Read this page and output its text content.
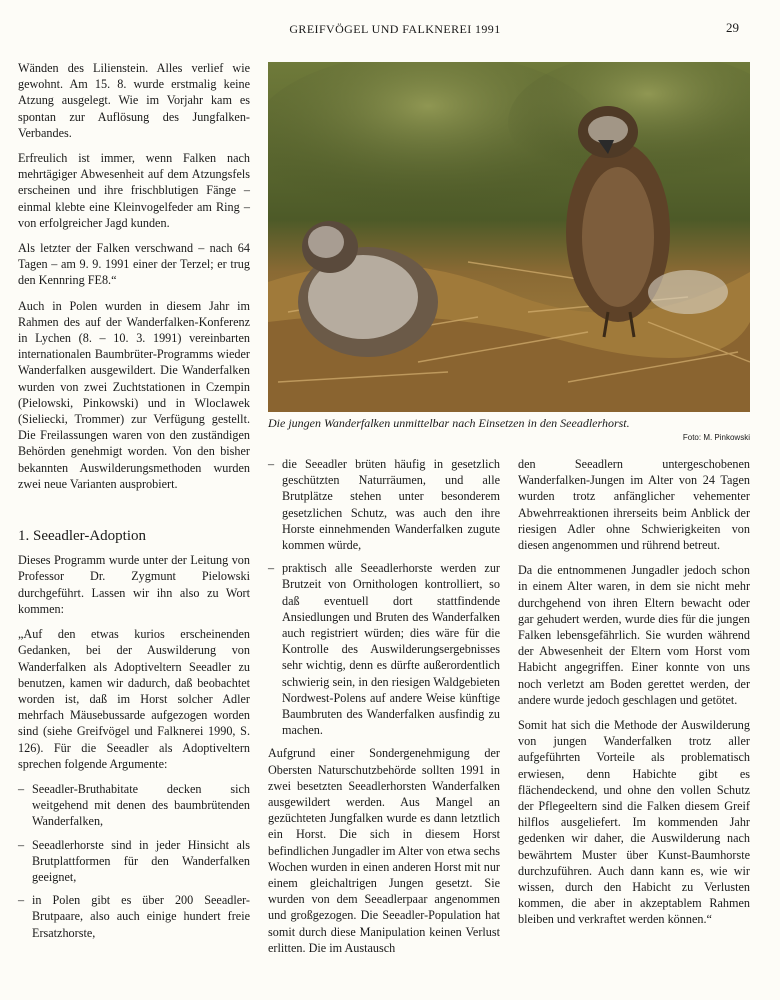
GREIFVÖGEL UND FALKNEREI 1991	29

Wänden des Lilienstein. Alles verlief wie gewohnt. Am 15. 8. wurde erstmalig keine Atzung ausgelegt. Wie im Vorjahr kam es spontan zur Auflösung des Jungfalken-Verbandes.

Erfreulich ist immer, wenn Falken nach mehrtägiger Abwesenheit auf dem Atzungsfels erscheinen und ihre frischblutigen Fänge – einmal klebte eine Kleinvogelfeder am Ring – von erfolgreicher Jagd kunden.

Als letzter der Falken verschwand – nach 64 Tagen – am 9. 9. 1991 einer der Terzel; er trug den Kennring FE8.“

Auch in Polen wurden in diesem Jahr im Rahmen des auf der Wanderfalken-Konferenz in Lychen (8. – 10. 3. 1991) vereinbarten internationalen Baumbrüter-Programms wieder Wanderfalken ausgewildert. Die Wanderfalken wurden von zwei Zuchtstationen in Czempin (Pielowski, Pinkowski) und in Wloclawek (Sieliecki, Trommer) zur Verfügung gestellt. Die Freilassungen waren von den zuständigen Behörden genehmigt worden. Von den bisher bekannten Auswilderungsmethoden wurden zwei neue Varianten ausprobiert.

1. Seeadler-Adoption

Dieses Programm wurde unter der Leitung von Professor Dr. Zygmunt Pielowski durchgeführt. Lassen wir ihn also zu Wort kommen:

„Auf den etwas kurios erscheinenden Gedanken, bei der Auswilderung von Wanderfalken als Adoptiveltern Seeadler zu benutzen, kamen wir dadurch, daß beobachtet worden ist, daß im Horst solcher Adler mehrfach Mäusebussarde aufgezogen worden sind (siehe Greifvögel und Falknerei 1990, S. 126). Für die Seeadler als Adoptiveltern sprechen folgende Argumente:

– Seeadler-Bruthabitate decken sich weitgehend mit denen des baumbrütenden Wanderfalken,
– Seeadlerhorste sind in jeder Hinsicht als Brutplattformen für den Wanderfalken geeignet,
– in Polen gibt es über 200 Seeadler-Brutpaare, also auch einige hundert freie Ersatzhorste,
Die jungen Wanderfalken unmittelbar nach Einsetzen in den Seeadlerhorst.
Foto: M. Pinkowski
– die Seeadler brüten häufig in gesetzlich geschützten Naturräumen, und alle Brutplätze stehen unter besonderem gesetzlichen Schutz, was auch den ihre Horste einnehmenden Wanderfalken zugute kommen würde,
– praktisch alle Seeadlerhorste werden zur Brutzeit von Ornithologen kontrolliert, so daß eventuell dort stattfindende Ansiedlungen und Bruten des Wanderfalken auch registriert würden; dies wäre für die Kontrolle des Auswilderungsergebnisses sehr wichtig, denn es dürfte außerordentlich schwierig sein, in den riesigen Waldgebieten Nordwest-Polens auf andere Weise künftige Baumbruten des Wanderfalken ausfindig zu machen.

Aufgrund einer Sondergenehmigung der Obersten Naturschutzbehörde sollten 1991 in zwei besetzten Seeadlerhorsten Wanderfalken ausgewildert werden. Aus Mangel an gezüchteten Jungfalken wurde es dann letztlich ein Horst. Die sich in diesem Horst befindlichen Jungadler im Alter von etwa sechs Wochen wurden in einen anderen Horst mit nur einem gleichaltrigen Jungen gesetzt. Sie wurden von dem Seeadlerpaar angenommen und großgezogen. Die Seeadler-Population hat somit durch diese Manipulation keinen Verlust erlitten. Die im Austausch

den Seeadlern untergeschobenen Wanderfalken-Jungen im Alter von 24 Tagen wurden trotz anfänglicher vehementer Abwehrreaktionen ihrerseits beim Anblick der riesigen Adler ohne Schwierigkeiten von diesen angenommen und rührend betreut.

Da die entnommenen Jungadler jedoch schon in einem Alter waren, in dem sie nicht mehr durchgehend von ihren Eltern bewacht oder gar gehudert werden, wurde dies für die jungen Falken lebensgefährlich. Sie wurden während der Abwesenheit der Eltern vom Horst vom Habicht angegriffen. Einer konnte von uns noch verletzt am Boden gerettet werden, der andere wurde jedoch geschlagen und getötet.

Somit hat sich die Methode der Auswilderung von jungen Wanderfalken trotz aller aufgeführten Vorteile als problematisch erwiesen, denn Habichte gibt es flächendeckend, und ohne den vollen Schutz der Pflegeeltern sind die Falken diesem Greif hilflos ausgeliefert. Im kommenden Jahr gedenken wir daher, die Auswilderung nach bewährtem Muster über Kunst-Baumhorste durchzuführen. Auch dann kann es, wie wir wissen, durch den Habicht zu Verlusten kommen, die aber in akzeptablem Rahmen bleiben und verkraftet werden können.“
